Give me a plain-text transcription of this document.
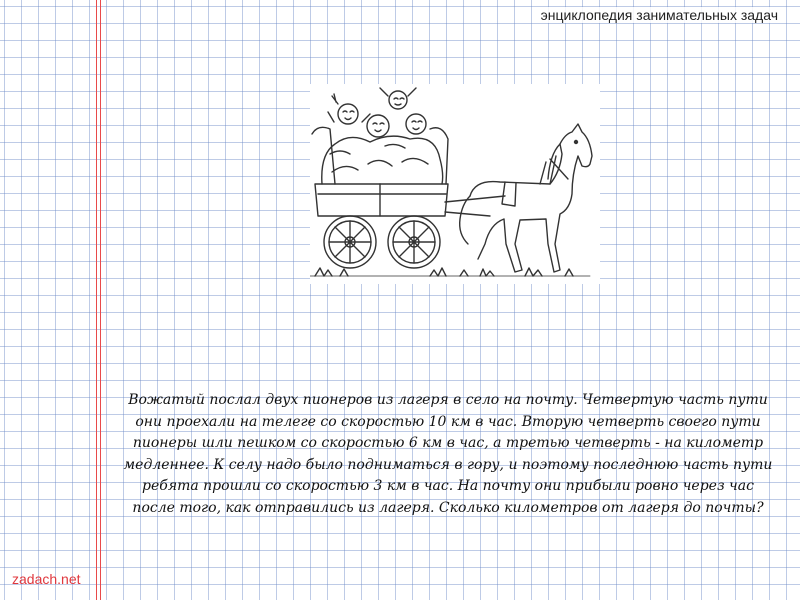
энциклопедия занимательных задач

Вожатый послал двух пионеров из лагеря в село на почту. Четвертую часть пути они проехали на телеге со скоростью 10 км в час. Вторую четверть своего пути пионеры шли пешком со скоростью 6 км в час, а третью четверть - на километр медленнее. К селу надо было подниматься в гору, и поэтому последнюю часть пути ребята прошли со скоростью 3 км в час. На почту они прибыли ровно через час после того, как отправились из лагеря. Сколько километров от лагеря до почты?

zadach.net
